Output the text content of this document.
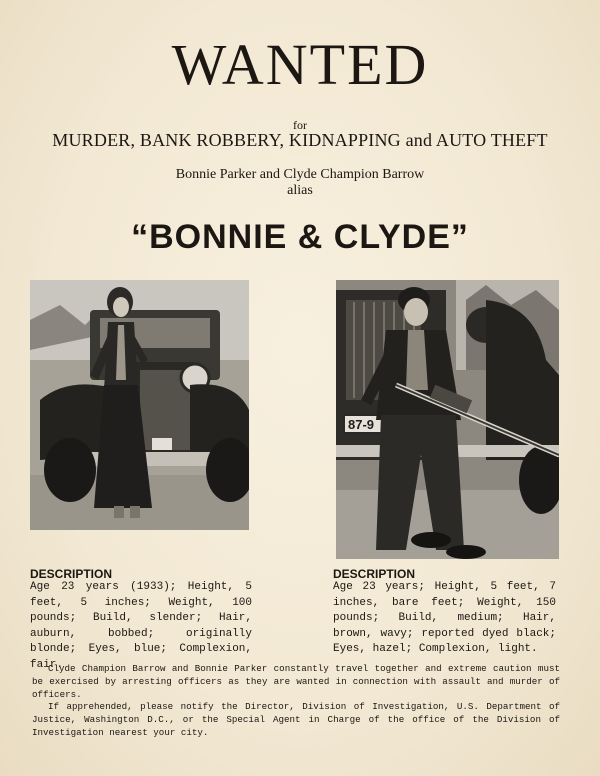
WANTED
for
MURDER, BANK ROBBERY, KIDNAPPING and AUTO THEFT
Bonnie Parker and Clyde Champion Barrow
alias
“BONNIE & CLYDE”
87-9
DESCRIPTION
Age 23 years (1933); Height, 5 feet, 5 inches; Weight, 100 pounds; Build, slender; Hair, auburn, bobbed; originally blonde; Eyes, blue; Complexion, fair.
DESCRIPTION
Age 23 years; Height, 5 feet, 7 inches, bare feet; Weight, 150 pounds; Build, medium; Hair, brown, wavy; reported dyed black; Eyes, hazel; Complexion, light.
Clyde Champion Barrow and Bonnie Parker constantly travel together and extreme caution must be exercised by arresting officers as they are wanted in connection with assault and murder of officers.
If apprehended, please notify the Director, Division of Investigation, U.S. Department of Justice, Washington D.C., or the Special Agent in Charge of the office of the Division of Investigation nearest your city.
